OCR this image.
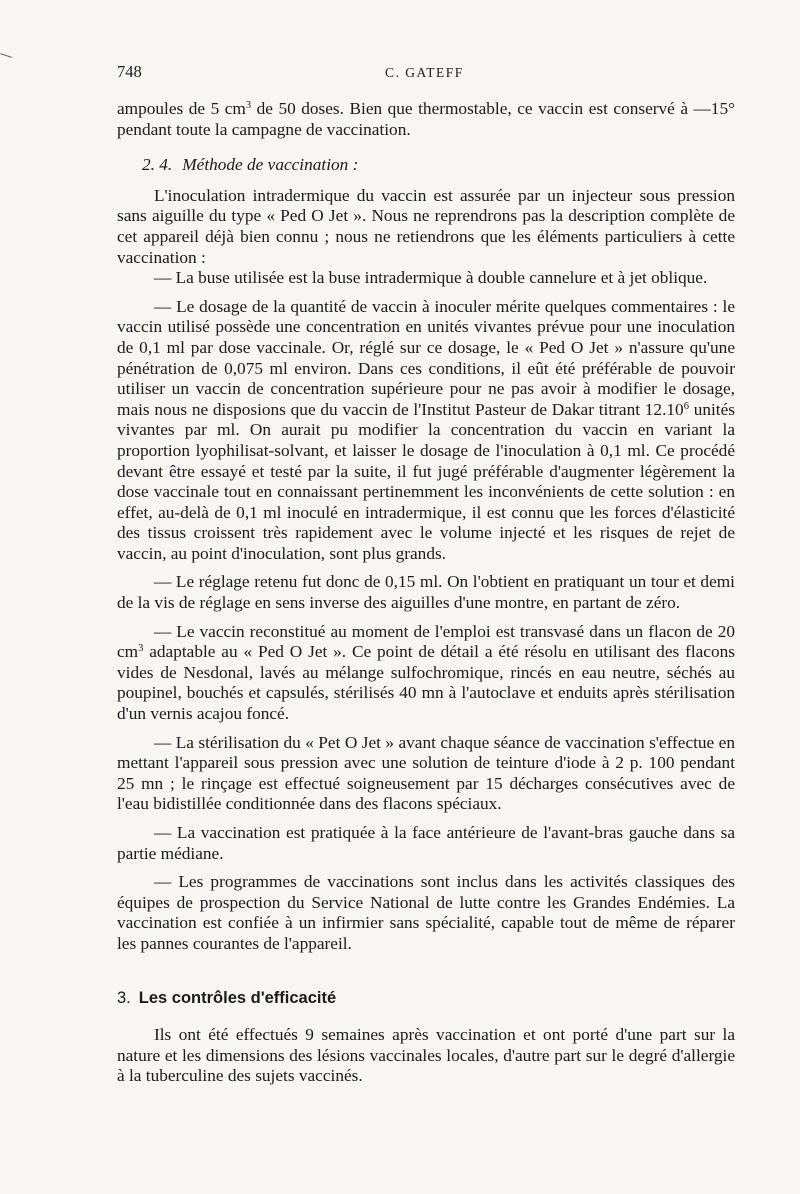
748	C. GATEFF

ampoules de 5 $cm^3$ de 50 doses. Bien que thermostable, ce vaccin est conservé à —15° pendant toute la campagne de vaccination.

2. 4. Méthode de vaccination :

L'inoculation intradermique du vaccin est assurée par un injecteur sous pression sans aiguille du type « Ped O Jet ». Nous ne reprendrons pas la description complète de cet appareil déjà bien connu ; nous ne retiendrons que les éléments particuliers à cette vaccination :

— La buse utilisée est la buse intradermique à double cannelure et à jet oblique.

— Le dosage de la quantité de vaccin à inoculer mérite quelques commentaires : le vaccin utilisé possède une concentration en unités vivantes prévue pour une inoculation de 0,1 ml par dose vaccinale. Or, réglé sur ce dosage, le « Ped O Jet » n'assure qu'une pénétration de 0,075 ml environ. Dans ces conditions, il eût été préférable de pouvoir utiliser un vaccin de concentration supérieure pour ne pas avoir à modifier le dosage, mais nous ne disposions que du vaccin de l'Institut Pasteur de Dakar titrant 12.10$^6$ unités vivantes par ml. On aurait pu modifier la concentration du vaccin en variant la proportion lyophilisat-solvant, et laisser le dosage de l'inoculation à 0,1 ml. Ce procédé devant être essayé et testé par la suite, il fut jugé préférable d'augmenter légèrement la dose vaccinale tout en connaissant pertinemment les inconvénients de cette solution : en effet, au-delà de 0,1 ml inoculé en intradermique, il est connu que les forces d'élasticité des tissus croissent très rapidement avec le volume injecté et les risques de rejet de vaccin, au point d'inoculation, sont plus grands.

— Le réglage retenu fut donc de 0,15 ml. On l'obtient en pratiquant un tour et demi de la vis de réglage en sens inverse des aiguilles d'une montre, en partant de zéro.

— Le vaccin reconstitué au moment de l'emploi est transvasé dans un flacon de 20 $cm^3$ adaptable au « Ped O Jet ». Ce point de détail a été résolu en utilisant des flacons vides de Nesdonal, lavés au mélange sulfochromique, rincés en eau neutre, séchés au poupinel, bouchés et capsulés, stérilisés 40 mn à l'autoclave et enduits après stérilisation d'un vernis acajou foncé.

— La stérilisation du « Pet O Jet » avant chaque séance de vaccination s'effectue en mettant l'appareil sous pression avec une solution de teinture d'iode à 2 p. 100 pendant 25 mn ; le rinçage est effectué soigneusement par 15 décharges consécutives avec de l'eau bidistillée conditionnée dans des flacons spéciaux.

— La vaccination est pratiquée à la face antérieure de l'avant-bras gauche dans sa partie médiane.

— Les programmes de vaccinations sont inclus dans les activités classiques des équipes de prospection du Service National de lutte contre les Grandes Endémies. La vaccination est confiée à un infirmier sans spécialité, capable tout de même de réparer les pannes courantes de l'appareil.

3. Les contrôles d'efficacité

Ils ont été effectués 9 semaines après vaccination et ont porté d'une part sur la nature et les dimensions des lésions vaccinales locales, d'autre part sur le degré d'allergie à la tuberculine des sujets vaccinés.
